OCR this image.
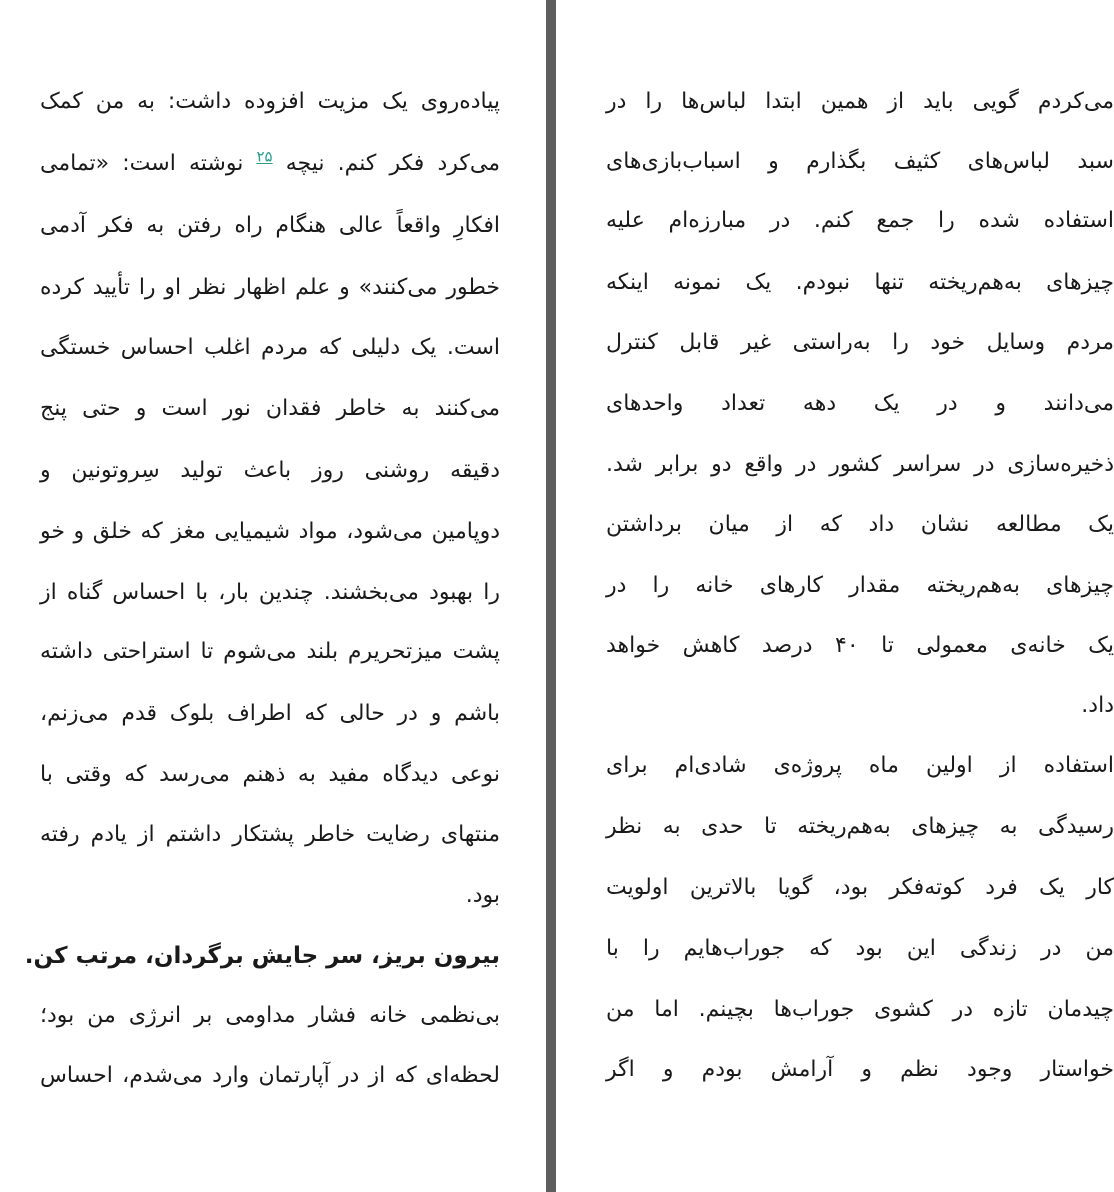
پیاده‌روی یک مزیت افزوده داشت: به من کمک
می‌کرد فکر کنم. نیچه $^{۲۵}$ نوشته است: «تمامی
افکارِ واقعاً عالی هنگام راه رفتن به فکر آدمی
خطور می‌کنند» و علم اظهار نظر او را تأیید کرده
است. یک دلیلی که مردم اغلب احساس خستگی
می‌کنند به خاطر فقدان نور است و حتی پنج
دقیقه روشنی روز باعث تولید سِروتونین و
دوپامین می‌شود، مواد شیمیایی مغز که خلق و خو
را بهبود می‌بخشند. چندین بار، با احساس گناه از
پشت میزتحریرم بلند می‌شوم تا استراحتی داشته
باشم و در حالی که اطراف بلوک قدم می‌زنم،
نوعی دیدگاه مفید به ذهنم می‌رسد که وقتی با
منتهای رضایت خاطر پشتکار داشتم از یادم رفته
بود.
بیرون بریز، سر جایش برگردان، مرتب کن.
بی‌نظمی خانه فشار مداومی بر انرژی من بود؛
لحظه‌ای که از در آپارتمان وارد می‌شدم، احساس
می‌کردم گویی باید از همین ابتدا لباس‌ها را در
سبد لباس‌های کثیف بگذارم و اسباب‌بازی‌های
استفاده شده را جمع کنم. در مبارزه‌ام علیه
چیزهای به‌هم‌ریخته تنها نبودم. یک نمونه اینکه
مردم وسایل خود را به‌راستی غیر قابل کنترل
می‌دانند و در یک دهه تعداد واحدهای
ذخیره‌سازی در سراسر کشور در واقع دو برابر شد.
یک مطالعه نشان داد که از میان برداشتن
چیزهای به‌هم‌ریخته مقدار کارهای خانه را در
یک خانه‌ی معمولی تا ۴۰ درصد کاهش خواهد
داد.
استفاده از اولین ماه پروژه‌ی شادی‌ام برای
رسیدگی به چیزهای به‌هم‌ریخته تا حدی به نظر
کار یک فرد کوته‌فکر بود، گویا بالاترین اولویت
من در زندگی این بود که جوراب‌هایم را با
چیدمان تازه در کشوی جوراب‌ها بچینم. اما من
خواستار وجود نظم و آرامش بودم و اگر
